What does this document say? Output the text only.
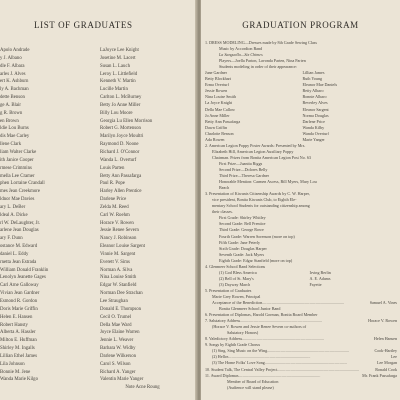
LIST OF GRADUATES
Apolo Andrade
y J. Albano
dle F. Albara
arles J. Alves
ert K. Ashburn
ly A. Bachman
dette Benson
ge A. Blair
g R. Brown
en Brown
ldie Lou Burns
dis Mae Carley
llene Clark
liam Walter Clarke
ith Janice Cooper
rmese Crimmins
mella Lee Cramer
phen Lorraine Crandall
mes Jean Creekmore
ldnor Mae Davies
ary L. DeBer
ldeal A. Dicke
rl W. DeLaughter, Jr.
arlene Jean Douglas
ary F. Dunn
ostance M. Edward
daniel L. Eddy
rnetta Jean Estrada
William Donald Franklin
Lenolyn Jeanette Gages
Carl Arne Galloway
Vivian Jean Gardner
Esmond R. Gordon
Doris Marie Griffin
Helen E. Hansen
Robert Hansty
Alberta A. Hassler
Milton E. Huffman
Shirley M. Ingalls
Lillian Ethel James
Lila Johnson
Bonnie M. Jene
Wanda Marie Kilgo
LaJoyce Lee Knight
Josetine M. Lacert
Susan L. Lauch
Leroy L. Littlefield
Kenneth V. Martin
Lucille Martin
Carlton L. McBurney
Betty Jo Anne Miller
Billy Lou Moore
Georgia Lu Ellen Morrison
Robert G. Mortenson
Marilyn Joyce Moultri
Raymond D. Noone
Richard J. O'Connor
Wanda L. Overturf
Louis Parten
Betty Ann Passafarga
Paul R. Pope
Harley Allen Prentice
Darlene Price
Zelda M. Reed
Carl W. Roehm
Horace V. Rowen
Jessie Renee Severn
Nancy J. Robinson
Eleanor Louise Sargent
Vinnie M. Sargent
Everett V. Sims
Norman A. Silva
Nina Louise Smith
Edgar W. Stanfield
Norman Dee Strachan
Lee Straughan
Donald E. Thompson
Cecil O. Trumel
Della Mae Ward
Joyce Elaine Warren
Jennie L. Weaver
Barbara W. Widby
Darlene Wilkerson
Carol S. Wilson
Richard A. Yanger
Valentin Marie Yanger
Note Acne Roung
GRADUATION PROGRAM
1. DRESS MODELING—Dresses made by 8th Grade Sewing Class
Music by Accordion Band
La Sanguella—Six Chimes
Players—Joella Parton, Lavonda Parten, Nina Parten
Students modeling in order of their appearance:
June Gardner	Lillian James
Betty Blockhart	Ruth Young
Erma Overturf	Eleanor Mae Daniels
Jessie Rowen	Betty Albaro
Nina Louise Smith	Bonnie Albaro
La Joyce Knight	Beverley Alves
Della Mae Callow	Eleanor Sargent
Jo Anne Miller	Norma Douglas
Betty Ann Passafarga	Darlene Price
Dawn Griffin	Wanda Kilby
Charlotte Benson	Wanda Overturf
Ada Rowen	Marie Yanger
2. American Legion Poppy Poster Awards: Presented by Mrs.
Elizabeth Hill, American Legion Auxiliary Poppy
Chairman. Prizes from Bonita American Legion Post No. 63
First Prize—Juanita Riggs
Second Prize—Dolores Belly
Third Prize—Theresa Gardner
Honorable Mention: Carmen Ascess, Bill Myers, Mary Lou
Beach
3. Presentation of Kiwanis Citizenship Awards by C. W. Harper,
vice president, Bonita Kiwanis Club, to Eighth Ele-
mentary School Students for outstanding citizenship among
their classes.
First Grade: Shirley Whitley
Second Grade: Bell Prentice
Third Grade: George Rowe
Fourth Grade: Warren Sorenson (more on top)
Fifth Grade: Jane Peterly
Sixth Grade: Douglas Harper
Seventh Grade: Jack Myers
Eighth Grade: Edgar Stanfield (more on top)
4. Glenmeer School Band Selections
(1) God Bless America	Irving Berlin
(2) Bell of St. Mary's	A. E. Adams
(3) Dayway March	Fayette
5. Presentation of Graduates
Marie Grey Rowen, Principal
Acceptance of the Benediction ................................................................................	Samuel A. Vines
Bonita Glenmeer School Junior Band
6. Presentation of Diplomas, Harold Gorman, Bonita Board Member
7. Salutatory Address ................................................................................	Horace V. Rowen
(Horace V. Rowen and Jessie Renee Severn co-authors of
Salutatory Honors)
8. Valedictory Address ................................................................................	Helen Hansen
9. Songs by Eighth Grade Chorus
(1) Sing, Sing Music on the Wing ................................................................................	Cook-Hartley
(2) Hellos ................................................................................	Lee
(3) The Home Folks' Love Song ................................................................................	Lee Morgan
10. Student Talk, The Central Valley Project ................................................................................	Ronald Cook
11. Award Diplomas ................................................................................	Mr. Frank Passafarga
Member of Board of Education
(Audience will stand please)
